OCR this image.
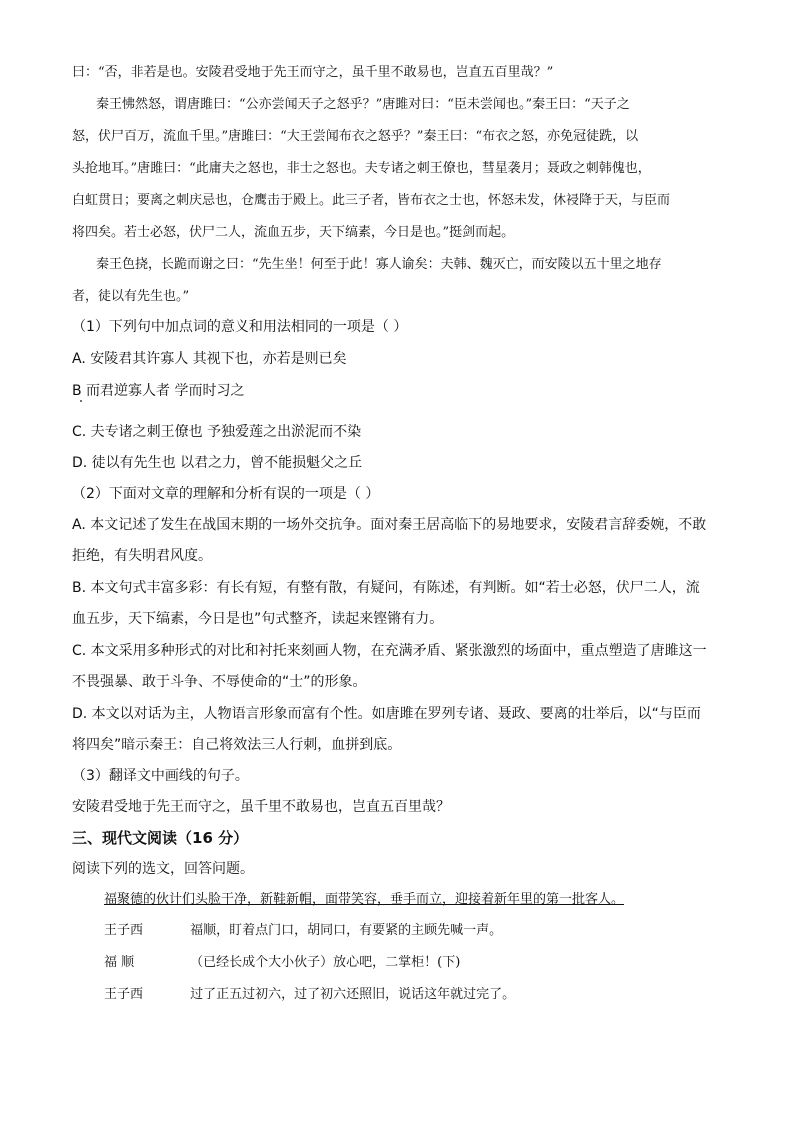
曰：“否，非若是也。安陵君受地于先王而守之，虽千里不敢易也，岂直五百里哉？”
秦王怫然怒，谓唐雎曰：“公亦尝闻天子之怒乎？”唐雎对曰：“臣未尝闻也。”秦王曰：“天子之
怒，伏尸百万，流血千里。”唐雎曰：“大王尝闻布衣之怒乎？”秦王曰：“布衣之怒，亦免冠徒跣，以
头抢地耳。”唐雎曰：“此庸夫之怒也，非士之怒也。夫专诸之刺王僚也，彗星袭月；聂政之刺韩傀也，
白虹贯日；要离之刺庆忌也，仓鹰击于殿上。此三子者，皆布衣之士也，怀怒未发，休祲降于天，与臣而
将四矣。若士必怒，伏尸二人，流血五步，天下缟素，今日是也。”挺剑而起。
秦王色挠，长跪而谢之曰：“先生坐！何至于此！寡人谕矣：夫韩、魏灭亡，而安陵以五十里之地存
者，徒以有先生也。”
（1）下列句中加点词的意义和用法相同的一项是（ ）
A. 安陵君其许寡人 其视下也，亦若是则已矣
B 而君逆寡人者 学而时习之
C. 夫专诸之刺王僚也 予独爱莲之出淤泥而不染
D. 徒以有先生也 以君之力，曾不能损魁父之丘
（2）下面对文章的理解和分析有误的一项是（ ）
A. 本文记述了发生在战国末期的一场外交抗争。面对秦王居高临下的易地要求，安陵君言辞委婉，不敢
拒绝，有失明君风度。
B. 本文句式丰富多彩：有长有短，有整有散，有疑问，有陈述，有判断。如“若士必怒，伏尸二人，流
血五步，天下缟素，今日是也”句式整齐，读起来铿锵有力。
C. 本文采用多种形式的对比和衬托来刻画人物，在充满矛盾、紧张激烈的场面中，重点塑造了唐雎这一
不畏强暴、敢于斗争、不辱使命的“士”的形象。
D. 本文以对话为主，人物语言形象而富有个性。如唐雎在罗列专诸、聂政、要离的壮举后，以“与臣而
将四矣”暗示秦王：自己将效法三人行刺，血拼到底。
（3）翻译文中画线的句子。
安陵君受地于先王而守之，虽千里不敢易也，岂直五百里哉？
三、现代文阅读（16 分）
阅读下列的选文，回答问题。
福聚德的伙计们头脸干净，新鞋新帽，面带笑容，垂手而立，迎接着新年里的第一批客人。
王子西	福顺，盯着点门口，胡同口，有要紧的主顾先喊一声。
福 顺	（已经长成个大小伙子）放心吧，二掌柜！(下)
王子西	过了正五过初六，过了初六还照旧，说话这年就过完了。
